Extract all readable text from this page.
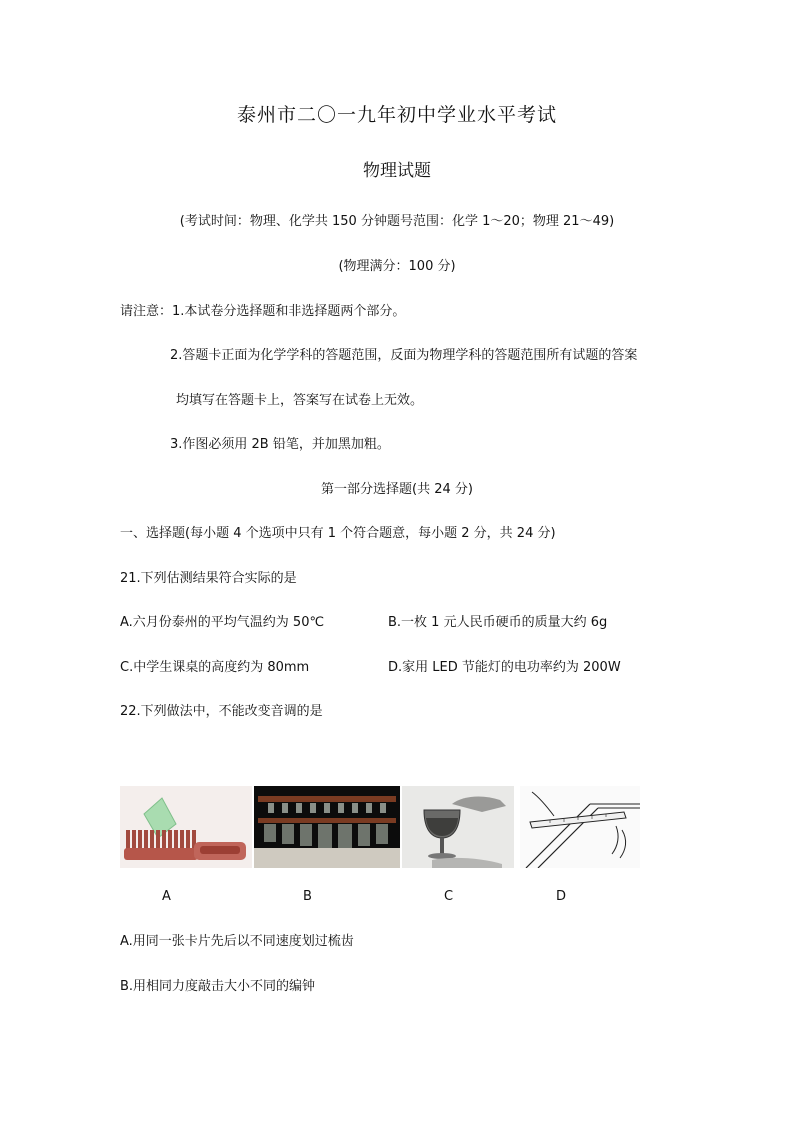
泰州市二〇一九年初中学业水平考试
物理试题
(考试时间：物理、化学共 150 分钟题号范围：化学 1～20；物理 21～49)
(物理满分：100 分)
请注意：1.本试卷分选择题和非选择题两个部分。
2.答题卡正面为化学学科的答题范围，反面为物理学科的答题范围所有试题的答案
均填写在答题卡上，答案写在试卷上无效。
3.作图必须用 2B 铅笔，并加黑加粗。
第一部分选择题(共 24 分)
一、选择题(每小题 4 个选项中只有 1 个符合题意，每小题 2 分，共 24 分)
21.下列估测结果符合实际的是
A.六月份泰州的平均气温约为 50℃	B.一枚 1 元人民币硬币的质量大约 6g
C.中学生课桌的高度约为 80mm	D.家用 LED 节能灯的电功率约为 200W
22.下列做法中，不能改变音调的是
A	B	C	D
A.用同一张卡片先后以不同速度划过梳齿
B.用相同力度敲击大小不同的编钟
